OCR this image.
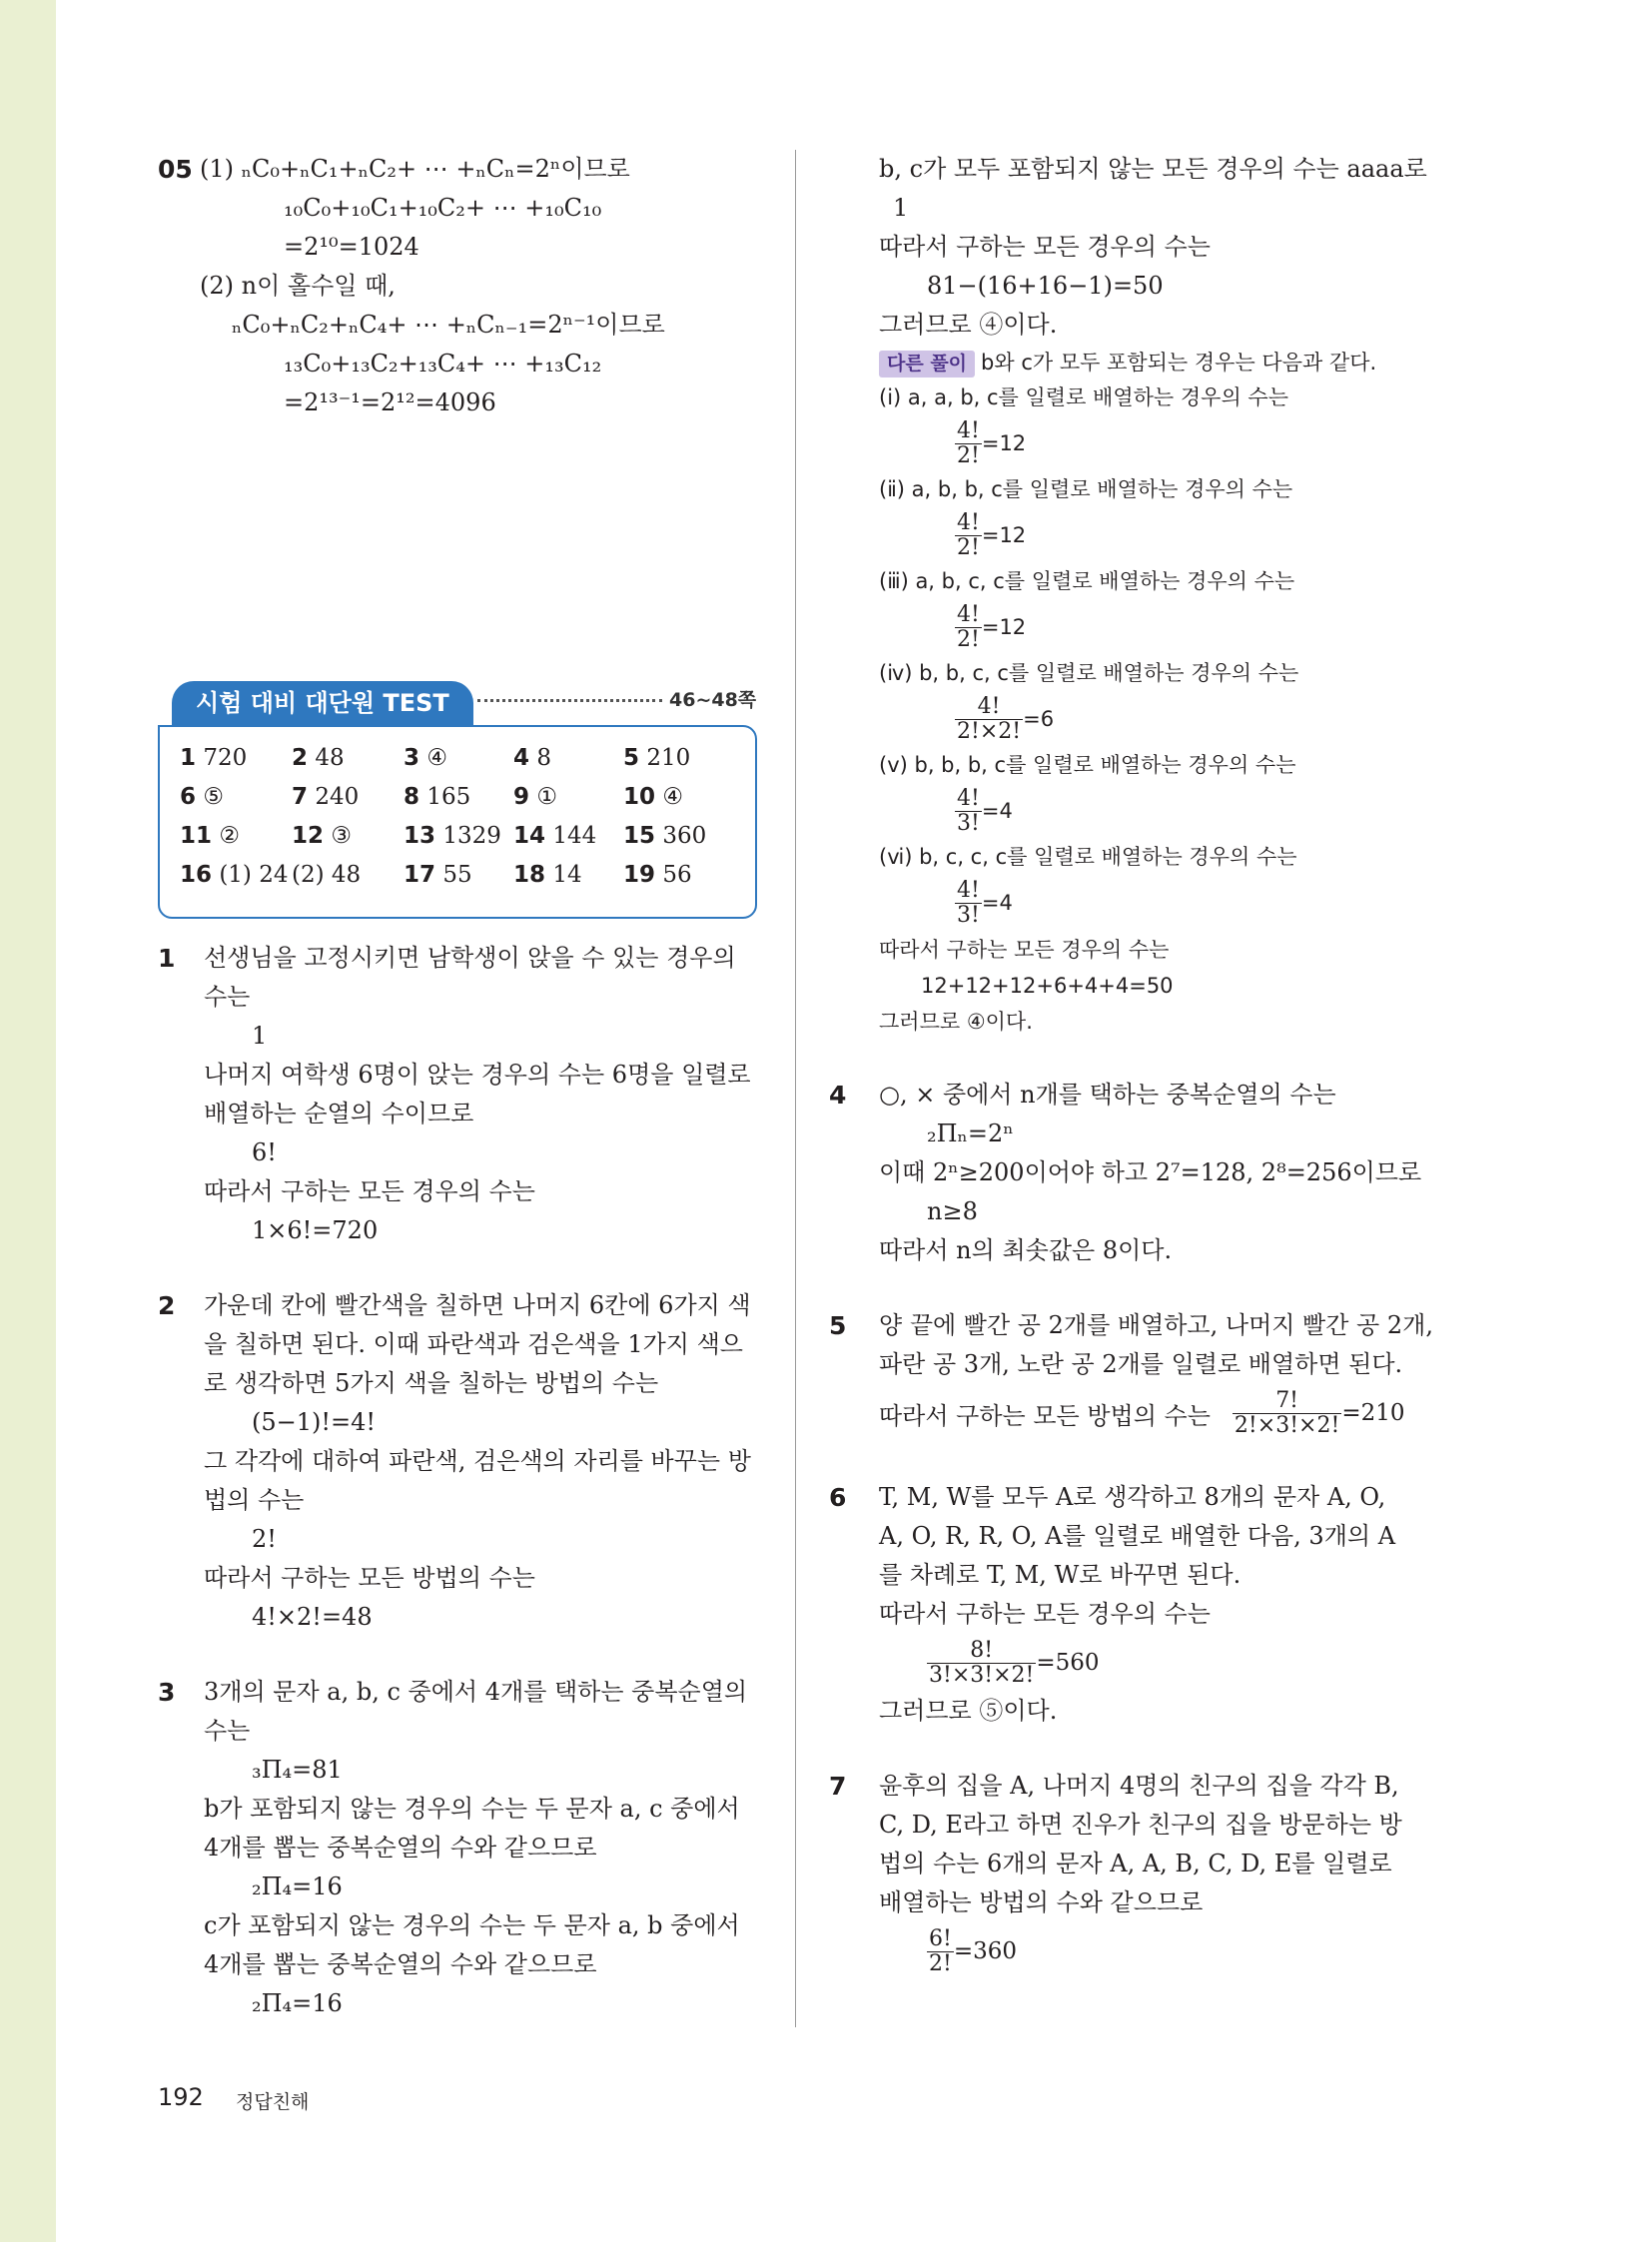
05 (1) ₙC₀+ₙC₁+ₙC₂+ ⋯ +ₙCₙ=2ⁿ이므로
₁₀C₀+₁₀C₁+₁₀C₂+ ⋯ +₁₀C₁₀
=2¹⁰=1024
(2) n이 홀수일 때,
ₙC₀+ₙC₂+ₙC₄+ ⋯ +ₙCₙ₋₁=2ⁿ⁻¹이므로
₁₃C₀+₁₃C₂+₁₃C₄+ ⋯ +₁₃C₁₂
=2¹³⁻¹=2¹²=4096
시험 대비 대단원 TEST	46~48쪽
1 720 2 48	3 ④	4 8	5 210
6 ⑤	7 240 8 165 9 ①	10 ④
11 ② 12 ③ 13 1329 14 144 15 360
16 (1) 24 (2) 48 17 55 18 14 19 56
1 선생님을 고정시키면 남학생이 앉을 수 있는 경우의
수는
1
나머지 여학생 6명이 앉는 경우의 수는 6명을 일렬로
배열하는 순열의 수이므로
6!
따라서 구하는 모든 경우의 수는
1×6!=720
2 가운데 칸에 빨간색을 칠하면 나머지 6칸에 6가지 색
을 칠하면 된다. 이때 파란색과 검은색을 1가지 색으
로 생각하면 5가지 색을 칠하는 방법의 수는
(5−1)!=4!
그 각각에 대하여 파란색, 검은색의 자리를 바꾸는 방
법의 수는
2!
따라서 구하는 모든 방법의 수는
4!×2!=48
3 3개의 문자 a, b, c 중에서 4개를 택하는 중복순열의
수는
₃Π₄=81
b가 포함되지 않는 경우의 수는 두 문자 a, c 중에서
4개를 뽑는 중복순열의 수와 같으므로
₂Π₄=16
c가 포함되지 않는 경우의 수는 두 문자 a, b 중에서
4개를 뽑는 중복순열의 수와 같으므로
₂Π₄=16
b, c가 모두 포함되지 않는 모든 경우의 수는 aaaa로
1
따라서 구하는 모든 경우의 수는
81−(16+16−1)=50
그러므로 ④이다.
다른 풀이 b와 c가 모두 포함되는 경우는 다음과 같다.
(ⅰ) a, a, b, c를 일렬로 배열하는 경우의 수는
$\frac{4!}{2!} =12$
(ⅱ) a, b, b, c를 일렬로 배열하는 경우의 수는
$\frac{4!}{2!} =12$
(ⅲ) a, b, c, c를 일렬로 배열하는 경우의 수는
$\frac{4!}{2!} =12$
(ⅳ) b, b, c, c를 일렬로 배열하는 경우의 수는
$\frac{4!}{2!\times 2!} =6$
(ⅴ) b, b, b, c를 일렬로 배열하는 경우의 수는
$\frac{4!}{3!} =4$
(ⅵ) b, c, c, c를 일렬로 배열하는 경우의 수는
$\frac{4!}{3!} =4$
따라서 구하는 모든 경우의 수는
12+12+12+6+4+4=50
그러므로 ④이다.
4 ○, × 중에서 n개를 택하는 중복순열의 수는
₂Πₙ=2ⁿ
이때 2ⁿ≥200이어야 하고 2⁷=128, 2⁸=256이므로
n≥8
따라서 n의 최솟값은 8이다.
5 양 끝에 빨간 공 2개를 배열하고, 나머지 빨간 공 2개,
파란 공 3개, 노란 공 2개를 일렬로 배열하면 된다.
따라서 구하는 모든 방법의 수는 $\frac{7!}{2!\times 3!\times 2!} =210$
6 T, M, W를 모두 A로 생각하고 8개의 문자 A, O,
A, O, R, R, O, A를 일렬로 배열한 다음, 3개의 A
를 차례로 T, M, W로 바꾸면 된다.
따라서 구하는 모든 경우의 수는
$\frac{8!}{3!\times 3!\times 2!} =560$
그러므로 ⑤이다.
7 윤후의 집을 A, 나머지 4명의 친구의 집을 각각 B,
C, D, E라고 하면 진우가 친구의 집을 방문하는 방
법의 수는 6개의 문자 A, A, B, C, D, E를 일렬로
배열하는 방법의 수와 같으므로
$\frac{6!}{2!} =360$
192 정답친해
